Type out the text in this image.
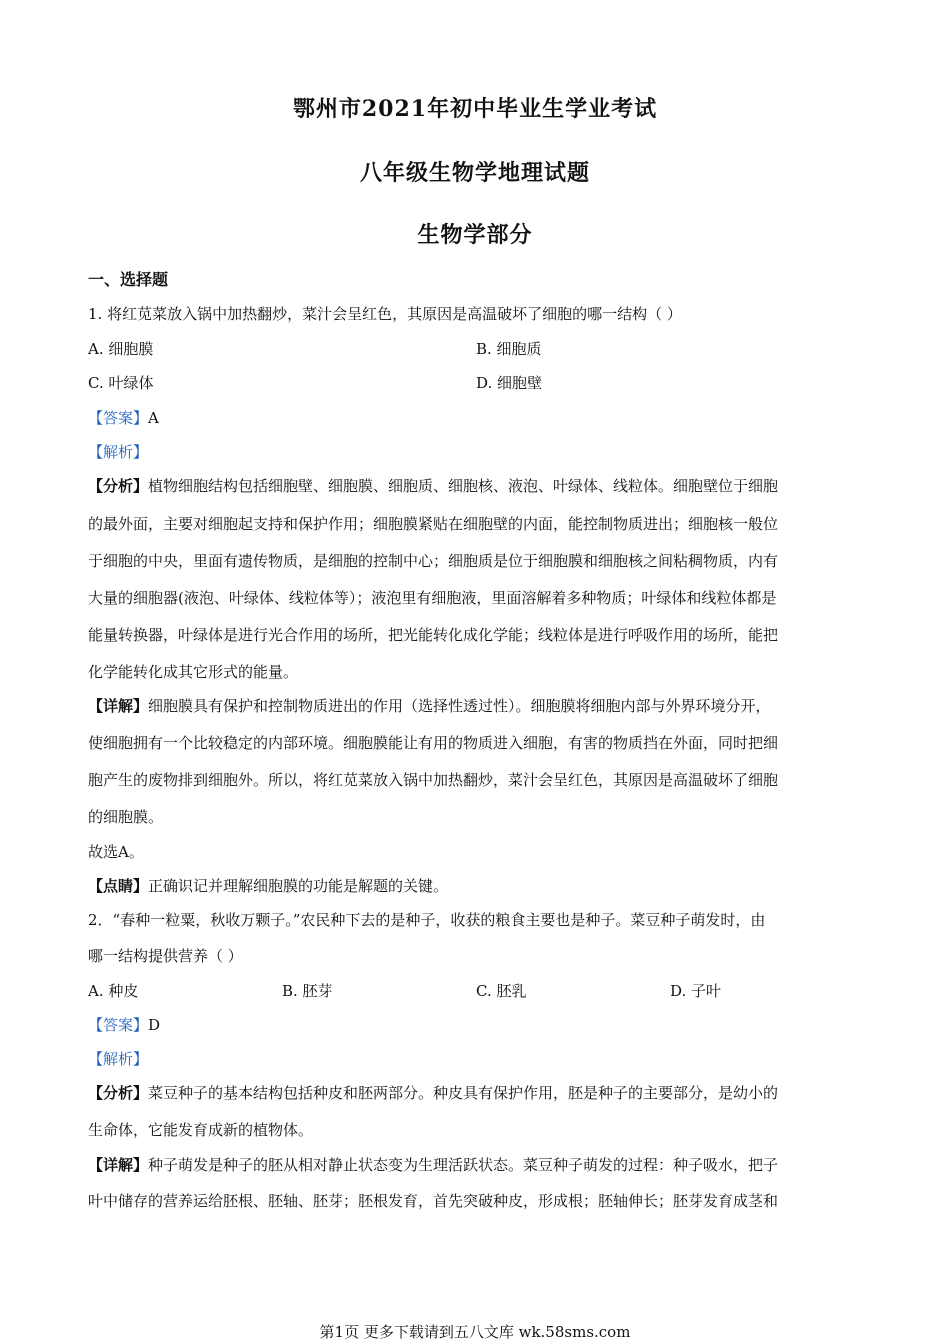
鄂州市2021年初中毕业生学业考试
八年级生物学地理试题
生物学部分
一、选择题
1. 将红苋菜放入锅中加热翻炒，菜汁会呈红色，其原因是高温破坏了细胞的哪一结构（ ）
A. 细胞膜	B. 细胞质
C. 叶绿体	D. 细胞壁
【答案】A
【解析】
【分析】植物细胞结构包括细胞壁、细胞膜、细胞质、细胞核、液泡、叶绿体、线粒体。细胞壁位于细胞
的最外面，主要对细胞起支持和保护作用；细胞膜紧贴在细胞壁的内面，能控制物质进出；细胞核一般位
于细胞的中央，里面有遗传物质，是细胞的控制中心；细胞质是位于细胞膜和细胞核之间粘稠物质，内有
大量的细胞器(液泡、叶绿体、线粒体等）；液泡里有细胞液，里面溶解着多种物质；叶绿体和线粒体都是
能量转换器，叶绿体是进行光合作用的场所，把光能转化成化学能；线粒体是进行呼吸作用的场所，能把
化学能转化成其它形式的能量。
【详解】细胞膜具有保护和控制物质进出的作用（选择性透过性）。细胞膜将细胞内部与外界环境分开，
使细胞拥有一个比较稳定的内部环境。细胞膜能让有用的物质进入细胞，有害的物质挡在外面，同时把细
胞产生的废物排到细胞外。所以，将红苋菜放入锅中加热翻炒，菜汁会呈红色，其原因是高温破坏了细胞
的细胞膜。
故选A。
【点睛】正确识记并理解细胞膜的功能是解题的关键。
2．“春种一粒粟，秋收万颗子。”农民种下去的是种子，收获的粮食主要也是种子。菜豆种子萌发时，由
哪一结构提供营养（ ）
A. 种皮	B. 胚芽	C. 胚乳	D. 子叶
【答案】D
【解析】
【分析】菜豆种子的基本结构包括种皮和胚两部分。种皮具有保护作用，胚是种子的主要部分，是幼小的
生命体，它能发育成新的植物体。
【详解】种子萌发是种子的胚从相对静止状态变为生理活跃状态。菜豆种子萌发的过程：种子吸水，把子
叶中储存的营养运给胚根、胚轴、胚芽；胚根发育，首先突破种皮，形成根；胚轴伸长；胚芽发育成茎和
第1页 更多下载请到五八文库 wk.58sms.com
